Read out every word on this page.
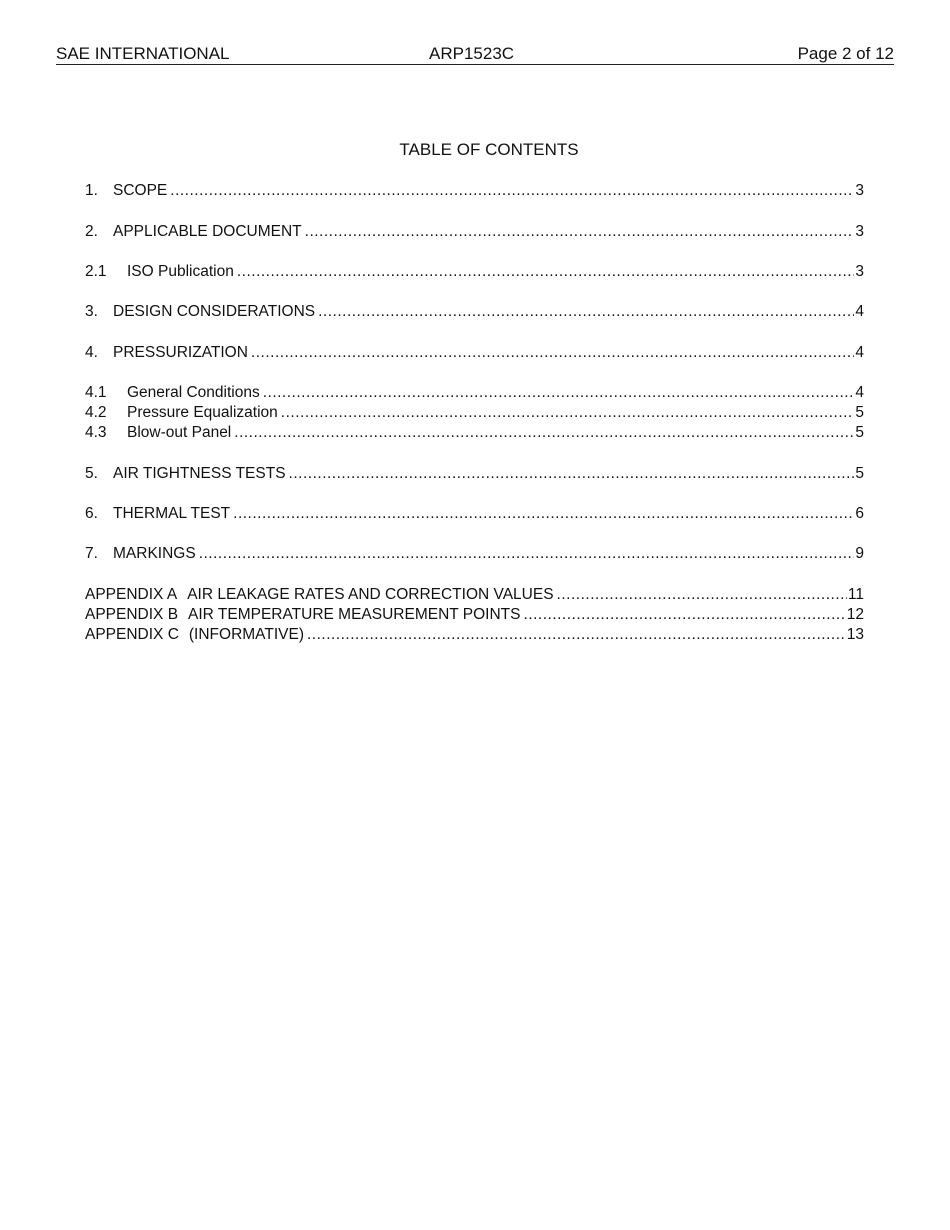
SAE INTERNATIONAL	ARP1523C	Page 2 of 12
TABLE OF CONTENTS
1. SCOPE .....	3
2. APPLICABLE DOCUMENT .....	3
2.1	ISO Publication .....	3
3. DESIGN CONSIDERATIONS .....	4
4. PRESSURIZATION .....	4
4.1	General Conditions .....	4
4.2	Pressure Equalization .....	5
4.3	Blow-out Panel .....	5
5. AIR TIGHTNESS TESTS .....	5
6. THERMAL TEST .....	6
7. MARKINGS .....	9
APPENDIX A AIR LEAKAGE RATES AND CORRECTION VALUES .....	11
APPENDIX B AIR TEMPERATURE MEASUREMENT POINTS .....	12
APPENDIX C (INFORMATIVE) .....	13
